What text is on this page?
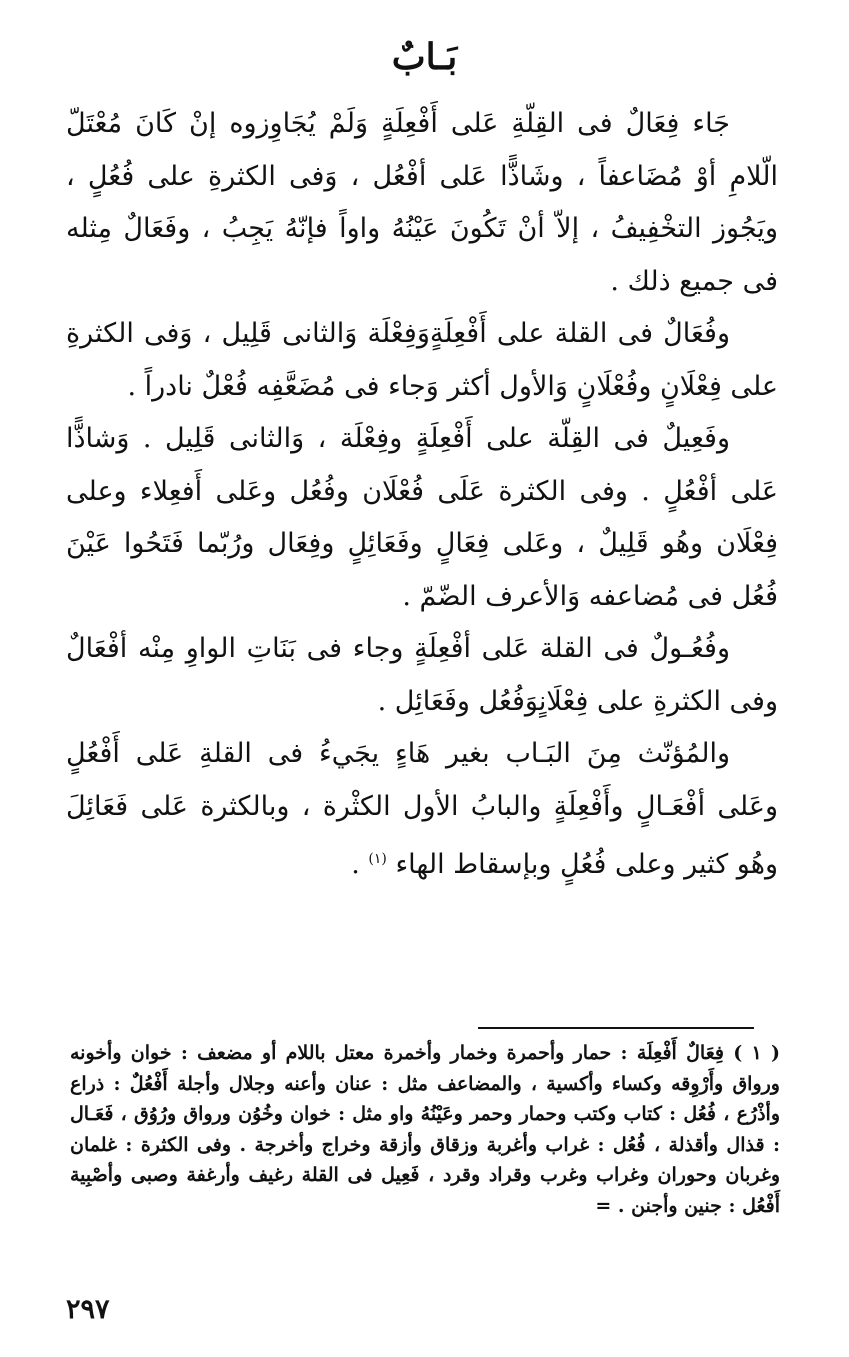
بَـابٌ

جَاء فِعَالٌ فى القِلّةِ عَلى أَفْعِلَةٍ وَلَمْ يُجَاوِزوه إنْ كَانَ مُعْتَلّ الّلامِ أوْ مُضَاعفاً ، وشَاذًّا عَلى أفْعُل ، وَفى الكثرةِ على فُعُلٍ ، ويَجُوز التخْفِيفُ ، إلاّ أنْ تَكُونَ عَيْنُهُ واواً فإنّهُ يَجِبُ ، وفَعَالٌ مِثله فى جميع ذلك .

وفُعَالٌ فى القلة على أَفْعِلَةٍوَفِعْلَة وَالثانى قَلِيل ، وَفى الكثرةِ على فِعْلَانٍ وفُعْلَانٍ وَالأول أكثر وَجاء فى مُضَعَّفِه فُعْلٌ نادراً .

وفَعِيلٌ فى القِلّة على أَفْعِلَةٍ وفِعْلَة ، وَالثانى قَلِيل . وَشاذًّا عَلى أفْعُلٍ . وفى الكثرة عَلَى فُعْلَان وفُعُل وعَلى أَفعِلاء وعلى فِعْلَان وهُو قَلِيلٌ ، وعَلى فِعَالٍ وفَعَائِلٍ وفِعَال ورُبّما فَتَحُوا عَيْنَ فُعُل فى مُضاعفه وَالأعرف الضّمّ .

وفُعُـولٌ فى القلة عَلى أفْعِلَةٍ وجاء فى بَنَاتِ الواوِ مِنْه أفْعَالٌ وفى الكثرةِ على فِعْلَانٍوَفُعُل وفَعَائِل .

والمُؤنّث مِنَ البَـاب بغير هَاءٍ يجَيءُ فى القلةِ عَلى أَفْعُلٍ وعَلى أفْعَـالٍ وأَفْعِلَةٍ والبابُ الأول الكثْرة ، وبالكثرة عَلى فَعَائِلَ وهُو كثير وعلى فُعُلٍ وبإسقاط الهاء $^{(١)}$ .

( ١ ) فِعَالٌ أَفْعِلَة : حمار وأحمرة وخمار وأخمرة معتل باللام أو مضعف : خوان وأخونه ورواق وأَرْوِقه وكساء وأكسية ، والمضاعف مثل : عنان وأعنه وجلال وأجلة أَفْعُلٌ : ذراع وأذْرُع ، فُعُل : كتاب وكتب وحمار وحمر وعَيْنُهُ واو مثل : خوان وخُوُن ورواق ورُوُق ، فَعَـال : قذال وأقذلة ، فُعُل : غراب وأغربة وزقاق وأزقة وخراج وأخرجة . وفى الكثرة : غلمان وغربان وحوران وغراب وغرب وقراد وقرد ، فَعِيل فى القلة رغيف وأرغفة وصبى وأصْبِية أَفْعُل : جنين وأجنن . =

٢٩٧
